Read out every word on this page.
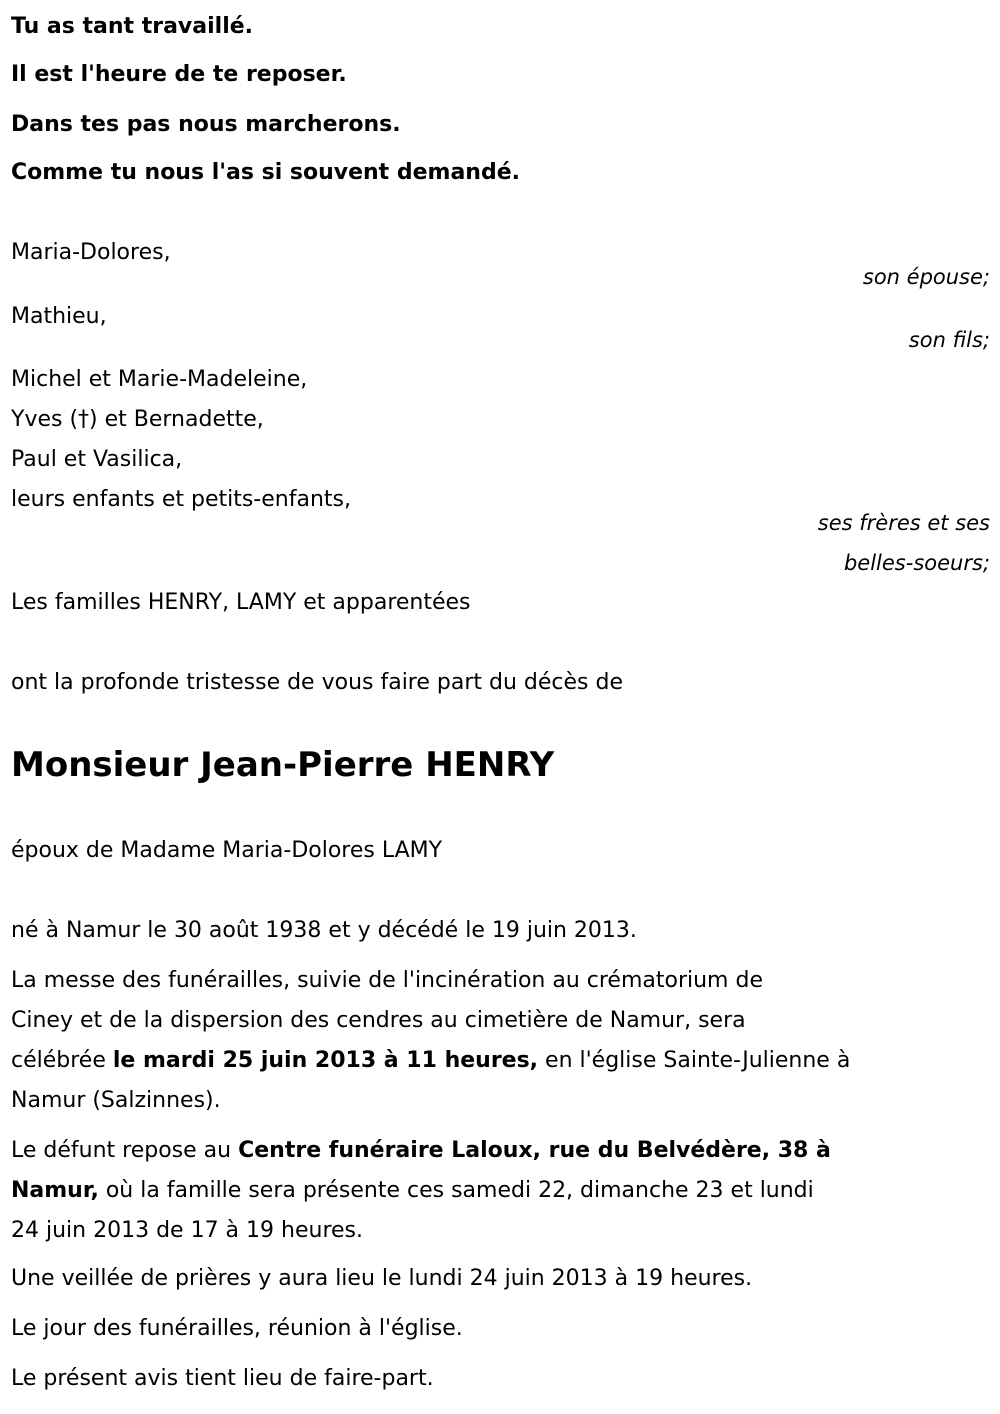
Tu as tant travaillé.
Il est l'heure de te reposer.
Dans tes pas nous marcherons.
Comme tu nous l'as si souvent demandé.
Maria-Dolores,
son épouse;
Mathieu,
son fils;
Michel et Marie-Madeleine,
Yves (†) et Bernadette,
Paul et Vasilica,
leurs enfants et petits-enfants,
ses frères et ses
belles-soeurs;
Les familles HENRY, LAMY et apparentées
ont la profonde tristesse de vous faire part du décès de
Monsieur Jean-Pierre HENRY
époux de Madame Maria-Dolores LAMY
né à Namur le 30 août 1938 et y décédé le 19 juin 2013.
La messe des funérailles, suivie de l'incinération au crématorium de
Ciney et de la dispersion des cendres au cimetière de Namur, sera
célébrée le mardi 25 juin 2013 à 11 heures, en l'église Sainte-Julienne à
Namur (Salzinnes).
Le défunt repose au Centre funéraire Laloux, rue du Belvédère, 38 à
Namur, où la famille sera présente ces samedi 22, dimanche 23 et lundi
24 juin 2013 de 17 à 19 heures.
Une veillée de prières y aura lieu le lundi 24 juin 2013 à 19 heures.
Le jour des funérailles, réunion à l'église.
Le présent avis tient lieu de faire-part.
